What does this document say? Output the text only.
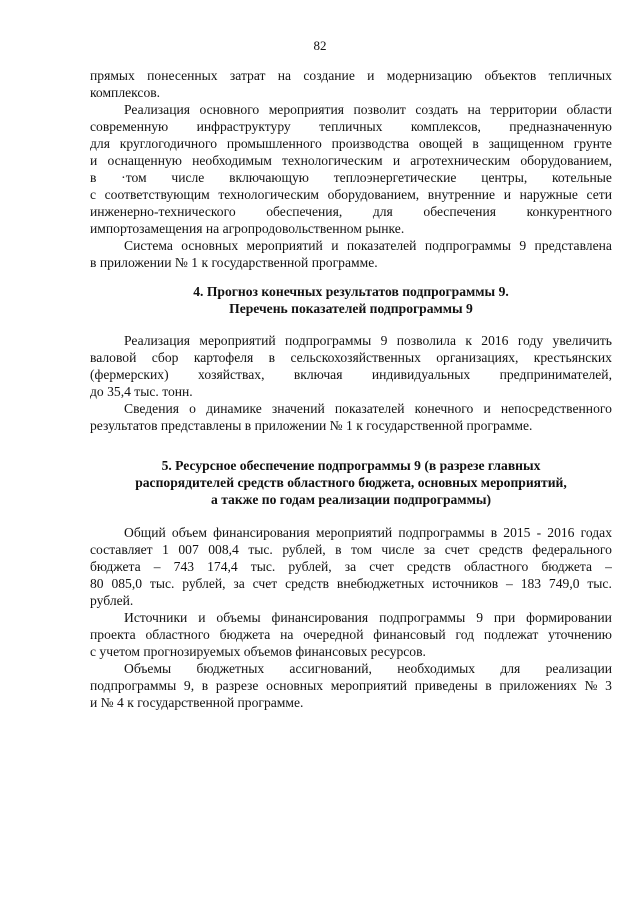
82
прямых понесенных затрат на создание и модернизацию объектов тепличных
комплексов.
Реализация основного мероприятия позволит создать на территории области
современную инфраструктуру тепличных комплексов, предназначенную
для круглогодичного промышленного производства овощей в защищенном грунте
и оснащенную необходимым технологическим и агротехническим оборудованием,
в ·том числе включающую теплоэнергетические центры, котельные
с соответствующим технологическим оборудованием, внутренние и наружные сети
инженерно-технического обеспечения, для обеспечения конкурентного
импортозамещения на агропродовольственном рынке.
Система основных мероприятий и показателей подпрограммы 9 представлена
в приложении № 1 к государственной программе.
4. Прогноз конечных результатов подпрограммы 9.
Перечень показателей подпрограммы 9
Реализация мероприятий подпрограммы 9 позволила к 2016 году увеличить
валовой сбор картофеля в сельскохозяйственных организациях, крестьянских
(фермерских) хозяйствах, включая индивидуальных предпринимателей,
до 35,4 тыс. тонн.
Сведения о динамике значений показателей конечного и непосредственного
результатов представлены в приложении № 1 к государственной программе.
5. Ресурсное обеспечение подпрограммы 9 (в разрезе главных
распорядителей средств областного бюджета, основных мероприятий,
а также по годам реализации подпрограммы)
Общий объем финансирования мероприятий подпрограммы в 2015 - 2016 годах
составляет 1 007 008,4 тыс. рублей, в том числе за счет средств федерального
бюджета – 743 174,4 тыс. рублей, за счет средств областного бюджета –
80 085,0 тыс. рублей, за счет средств внебюджетных источников – 183 749,0 тыс.
рублей.
Источники и объемы финансирования подпрограммы 9 при формировании
проекта областного бюджета на очередной финансовый год подлежат уточнению
с учетом прогнозируемых объемов финансовых ресурсов.
Объемы бюджетных ассигнований, необходимых для реализации
подпрограммы 9, в разрезе основных мероприятий приведены в приложениях № 3
и № 4 к государственной программе.
